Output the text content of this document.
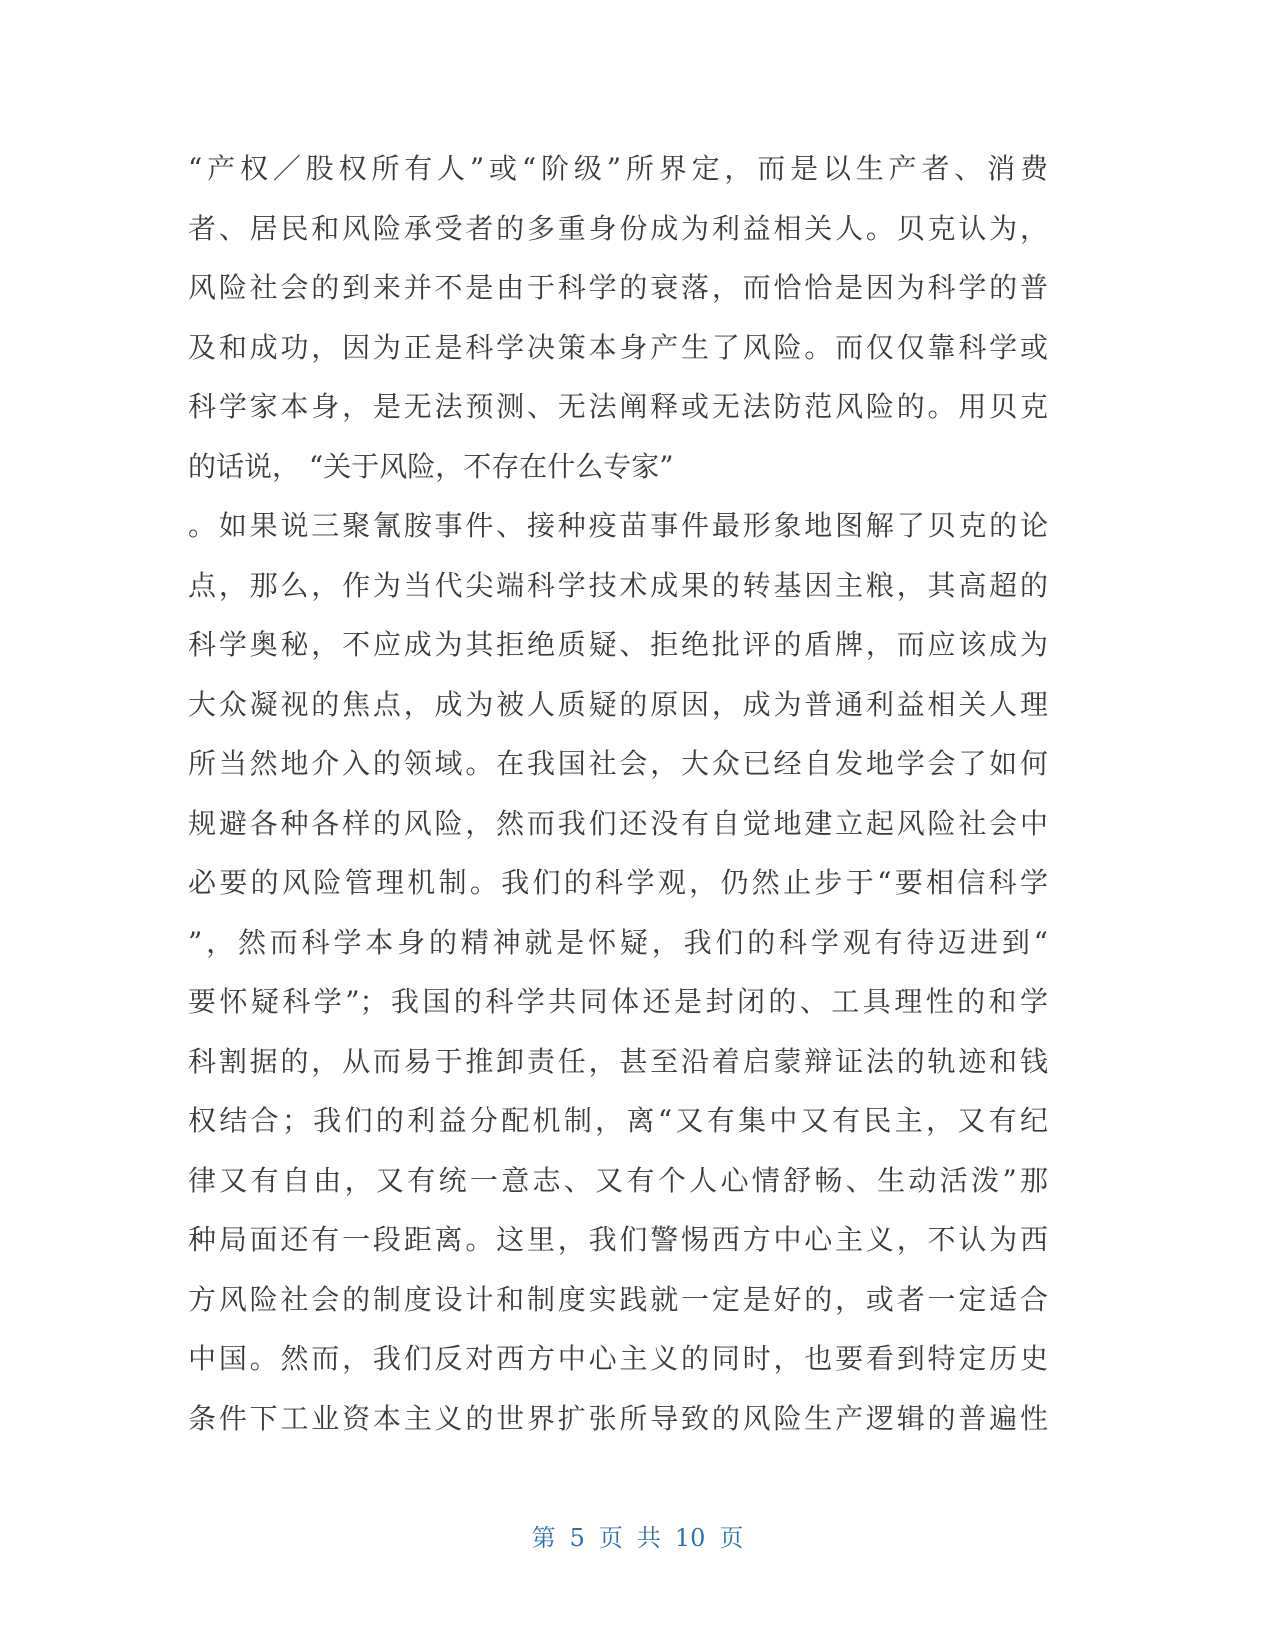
“产权／股权所有人”或“阶级”所界定，而是以生产者、消费
者、居民和风险承受者的多重身份成为利益相关人。贝克认为，
风险社会的到来并不是由于科学的衰落，而恰恰是因为科学的普
及和成功，因为正是科学决策本身产生了风险。而仅仅靠科学或
科学家本身，是无法预测、无法阐释或无法防范风险的。用贝克
的话说， “关于风险，不存在什么专家”
。如果说三聚氰胺事件、接种疫苗事件最形象地图解了贝克的论
点，那么，作为当代尖端科学技术成果的转基因主粮，其高超的
科学奥秘，不应成为其拒绝质疑、拒绝批评的盾牌，而应该成为
大众凝视的焦点，成为被人质疑的原因，成为普通利益相关人理
所当然地介入的领域。在我国社会，大众已经自发地学会了如何
规避各种各样的风险，然而我们还没有自觉地建立起风险社会中
必要的风险管理机制。我们的科学观，仍然止步于“要相信科学
”，然而科学本身的精神就是怀疑，我们的科学观有待迈进到“
要怀疑科学”；我国的科学共同体还是封闭的、工具理性的和学
科割据的，从而易于推卸责任，甚至沿着启蒙辩证法的轨迹和钱
权结合；我们的利益分配机制，离“又有集中又有民主，又有纪
律又有自由，又有统一意志、又有个人心情舒畅、生动活泼”那
种局面还有一段距离。这里，我们警惕西方中心主义，不认为西
方风险社会的制度设计和制度实践就一定是好的，或者一定适合
中国。然而，我们反对西方中心主义的同时，也要看到特定历史
条件下工业资本主义的世界扩张所导致的风险生产逻辑的普遍性
第 5 页 共 10 页
